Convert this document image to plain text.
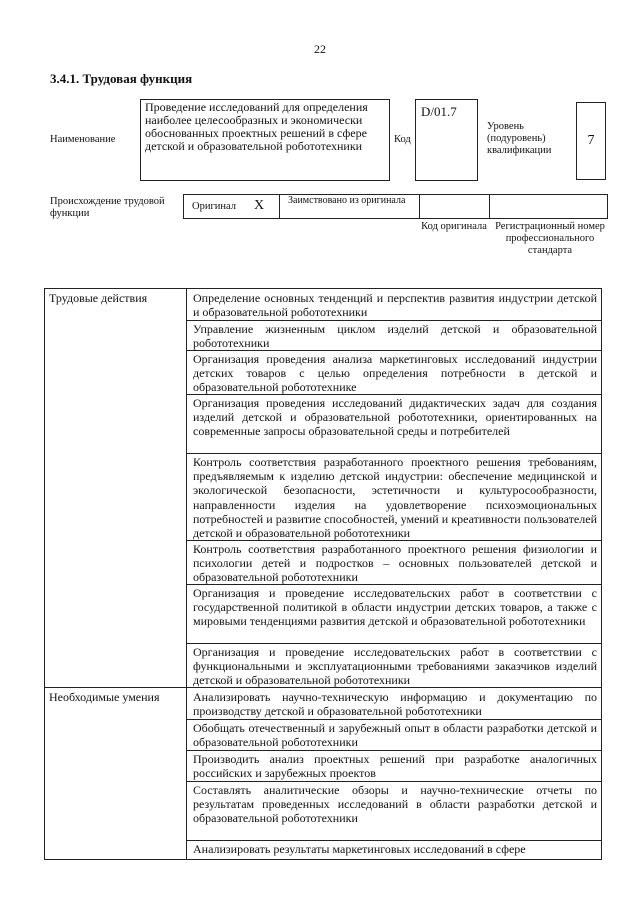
22
3.4.1. Трудовая функция
Наименование
Проведение исследований для определения наиболее целесообразных и экономически обоснованных проектных решений в сфере детской и образовательной робототехники	Код
D/01.7
Уровень (подуровень) квалификации
7
Происхождение трудовой функции
Оригинал X Заимствовано из оригинала
Код оригинала Регистрационный номер профессионального стандарта
Трудовые действия	Определение основных тенденций и перспектив развития индустрии детской и образовательной робототехники
Управление жизненным циклом изделий детской и образовательной робототехники
Организация проведения анализа маркетинговых исследований индустрии детских товаров с целью определения потребности в детской и образовательной робототехнике
Организация проведения исследований дидактических задач для создания изделий детской и образовательной робототехники, ориентированных на современные запросы образовательной среды и потребителей
Контроль соответствия разработанного проектного решения требованиям, предъявляемым к изделию детской индустрии: обеспечение медицинской и экологической безопасности, эстетичности и культуросообразности, направленности изделия на удовлетворение психоэмоциональных потребностей и развитие способностей, умений и креативности пользователей детской и образовательной робототехники
Контроль соответствия разработанного проектного решения физиологии и психологии детей и подростков – основных пользователей детской и образовательной робототехники
Организация и проведение исследовательских работ в соответствии с государственной политикой в области индустрии детских товаров, а также с мировыми тенденциями развития детской и образовательной робототехники
Организация и проведение исследовательских работ в соответствии с функциональными и эксплуатационными требованиями заказчиков изделий детской и образовательной робототехники
Необходимые умения	Анализировать научно-техническую информацию и документацию по производству детской и образовательной робототехники
Обобщать отечественный и зарубежный опыт в области разработки детской и образовательной робототехники
Производить анализ проектных решений при разработке аналогичных российских и зарубежных проектов
Составлять аналитические обзоры и научно-технические отчеты по результатам проведенных исследований в области разработки детской и образовательной робототехники
Анализировать результаты маркетинговых исследований в сфере
